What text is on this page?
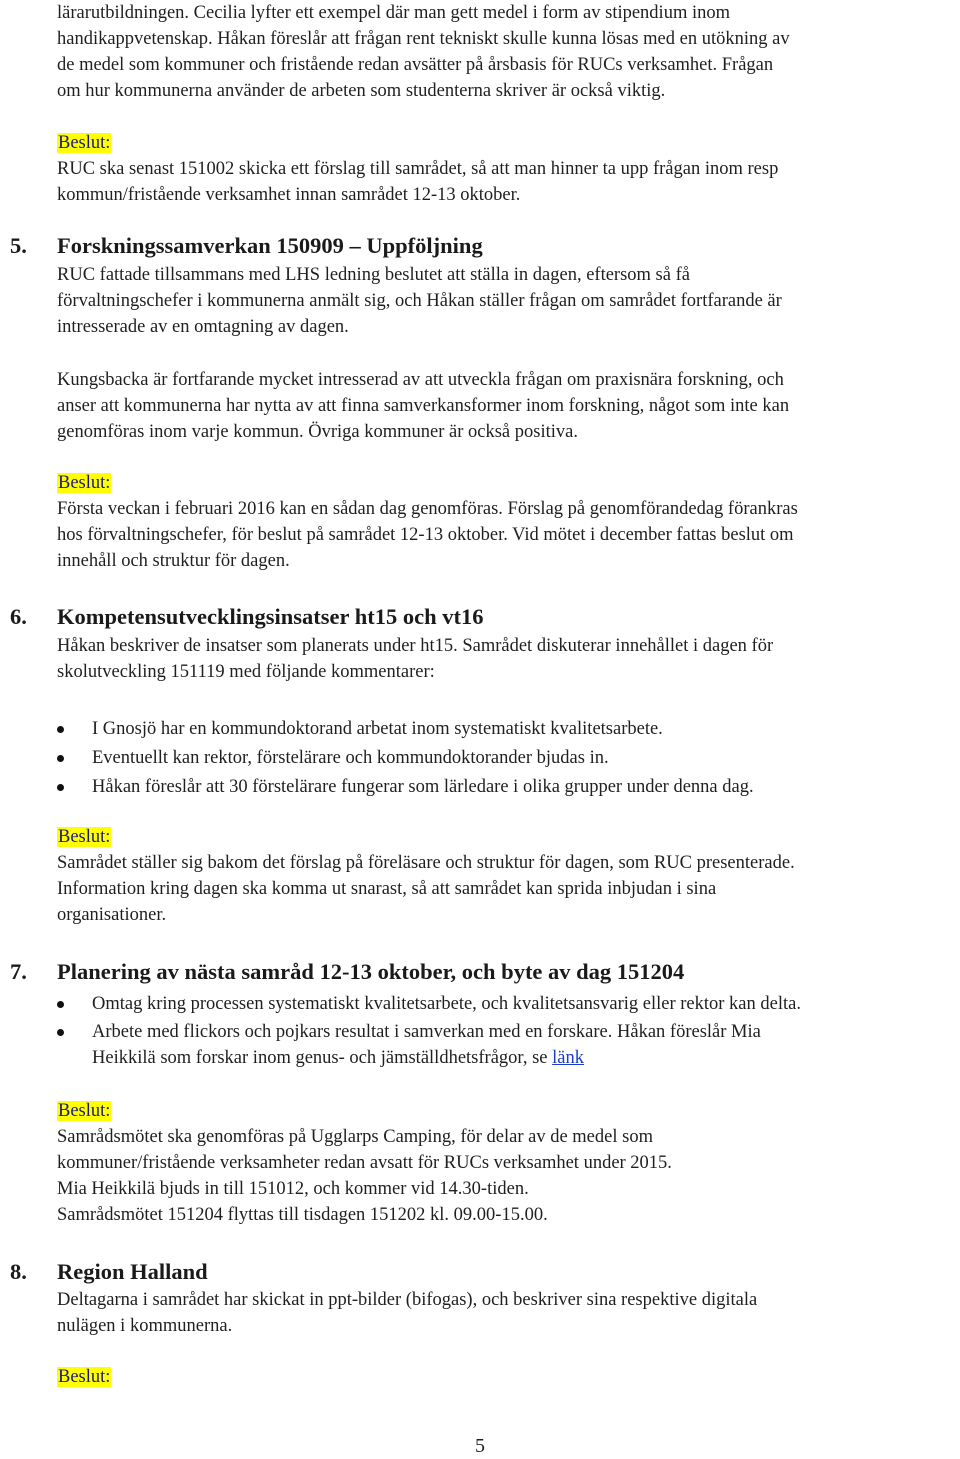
lärarutbildningen. Cecilia lyfter ett exempel där man gett medel i form av stipendium inom

handikappvetenskap. Håkan föreslår att frågan rent tekniskt skulle kunna lösas med en utökning av

de medel som kommuner och fristående redan avsätter på årsbasis för RUCs verksamhet. Frågan

om hur kommunerna använder de arbeten som studenterna skriver är också viktig.

Beslut:

RUC ska senast 151002 skicka ett förslag till samrådet, så att man hinner ta upp frågan inom resp

kommun/fristående verksamhet innan samrådet 12-13 oktober.

5. Forskningssamverkan 150909 – Uppföljning

RUC fattade tillsammans med LHS ledning beslutet att ställa in dagen, eftersom så få

förvaltningschefer i kommunerna anmält sig, och Håkan ställer frågan om samrådet fortfarande är

intresserade av en omtagning av dagen.

Kungsbacka är fortfarande mycket intresserad av att utveckla frågan om praxisnära forskning, och

anser att kommunerna har nytta av att finna samverkansformer inom forskning, något som inte kan

genomföras inom varje kommun. Övriga kommuner är också positiva.

Beslut:

Första veckan i februari 2016 kan en sådan dag genomföras. Förslag på genomförandedag förankras

hos förvaltningschefer, för beslut på samrådet 12-13 oktober. Vid mötet i december fattas beslut om

innehåll och struktur för dagen.

6. Kompetensutvecklingsinsatser ht15 och vt16

Håkan beskriver de insatser som planerats under ht15. Samrådet diskuterar innehållet i dagen för

skolutveckling 151119 med följande kommentarer:

I Gnosjö har en kommundoktorand arbetat inom systematiskt kvalitetsarbete.
Eventuellt kan rektor, förstelärare och kommundoktorander bjudas in.
Håkan föreslår att 30 förstelärare fungerar som lärledare i olika grupper under denna dag.

Beslut:

Samrådet ställer sig bakom det förslag på föreläsare och struktur för dagen, som RUC presenterade.

Information kring dagen ska komma ut snarast, så att samrådet kan sprida inbjudan i sina

organisationer.

7. Planering av nästa samråd 12-13 oktober, och byte av dag 151204
Omtag kring processen systematiskt kvalitetsarbete, och kvalitetsansvarig eller rektor kan delta.
Arbete med flickors och pojkars resultat i samverkan med en forskare. Håkan föreslår Mia
Heikkilä som forskar inom genus- och jämställdhetsfrågor, se länk

Beslut:

Samrådsmötet ska genomföras på Ugglarps Camping, för delar av de medel som

kommuner/fristående verksamheter redan avsatt för RUCs verksamhet under 2015.

Mia Heikkilä bjuds in till 151012, och kommer vid 14.30-tiden.

Samrådsmötet 151204 flyttas till tisdagen 151202 kl. 09.00-15.00.

8. Region Halland

Deltagarna i samrådet har skickat in ppt-bilder (bifogas), och beskriver sina respektive digitala

nulägen i kommunerna.

Beslut:

5
